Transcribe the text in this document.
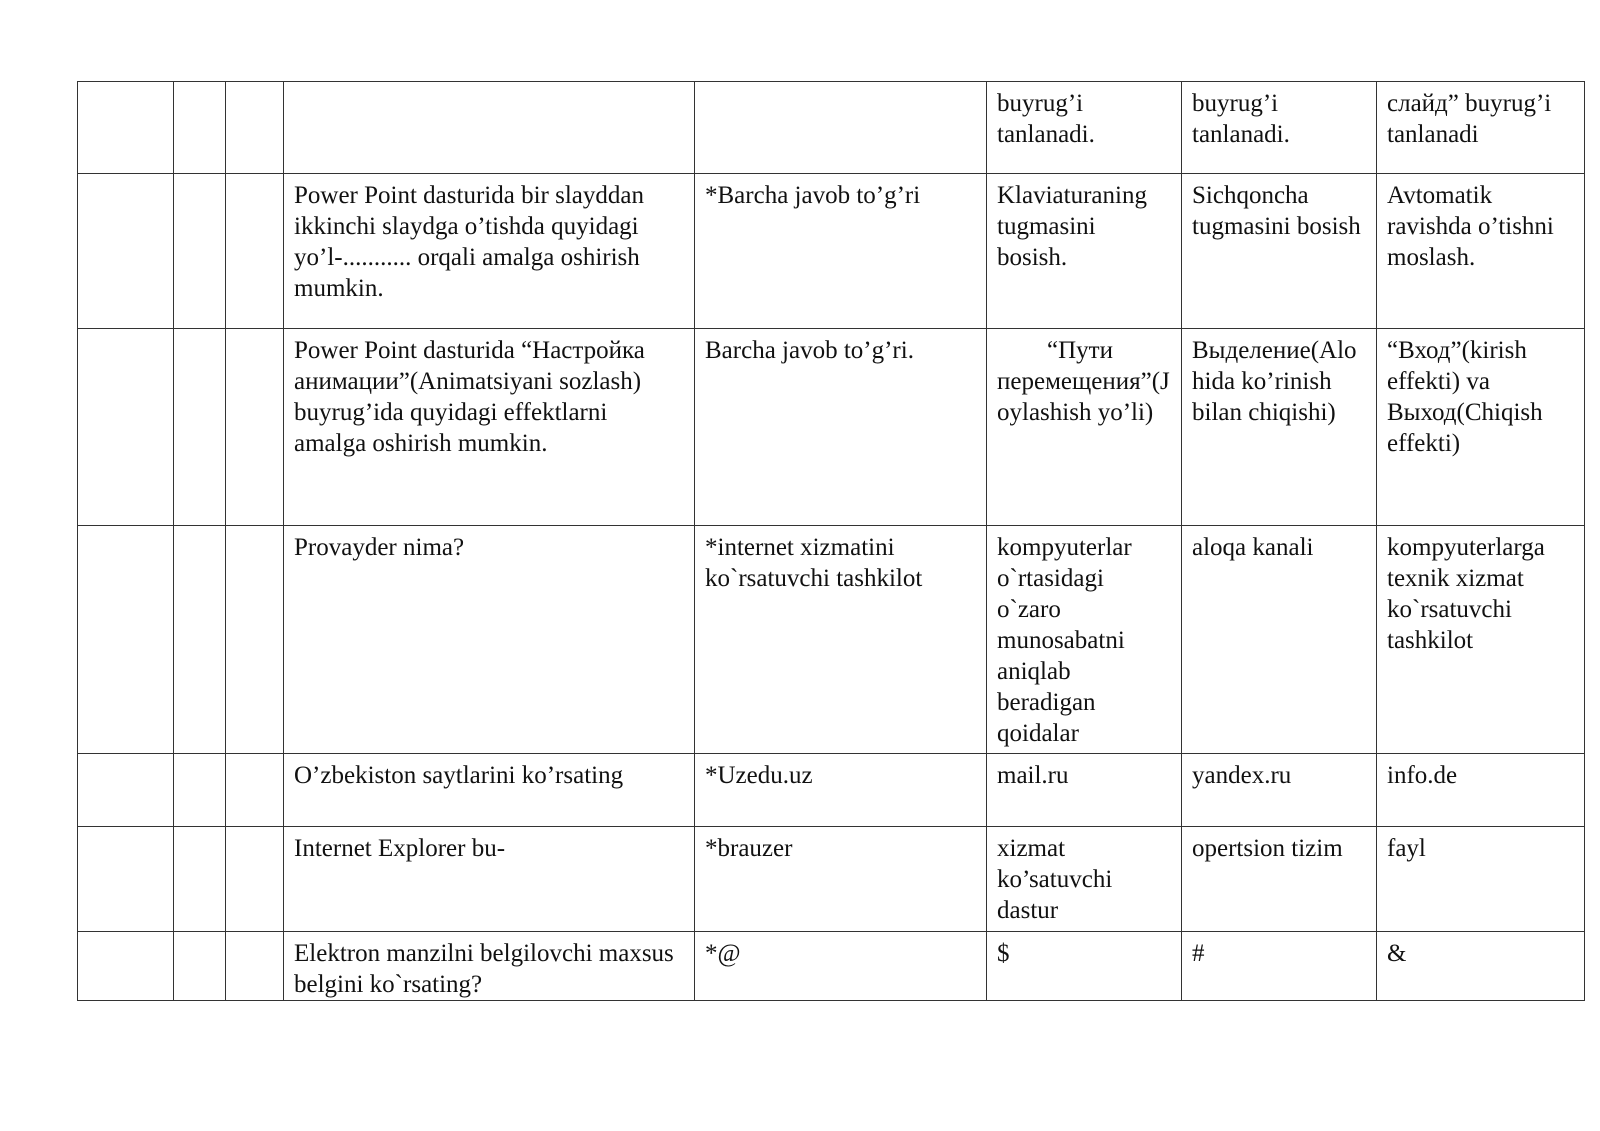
					buyrug’i tanlanadi.	buyrug’i tanlanadi.	слайд” buyrug’i tanlanadi
			Power Point dasturida bir slayddan ikkinchi slaydga o’tishda quyidagi yo’l-........... orqali amalga oshirish mumkin.	*Barcha javob to’g’ri	Klaviaturaning tugmasini bosish.	Sichqoncha tugmasini bosish	Avtomatik ravishda o’tishni moslash.
			Power Point dasturida “Настройка анимации”(Animatsiyani sozlash) buyrug’ida quyidagi effektlarni amalga oshirish mumkin.	Barcha javob to’g’ri.	“Пути перемещения”(Joylashish yo’li)	Выделение(Alohida ko’rinish bilan chiqishi)	“Вход”(kirish effekti) va Выход(Chiqish effekti)
			Provayder nima?	*internet xizmatini ko`rsatuvchi tashkilot	kompyuterlar o`rtasidagi o`zaro munosabatni aniqlab beradigan qoidalar	aloqa kanali	kompyuterlarga texnik xizmat ko`rsatuvchi tashkilot
			O’zbekiston saytlarini ko’rsating	*Uzedu.uz	mail.ru	yandex.ru	info.de
			Internet Explorer bu-	*brauzer	xizmat ko’satuvchi dastur	opertsion tizim	fayl
			Elektron manzilni belgilovchi maxsus belgini ko`rsating?	*@	$	#	&
